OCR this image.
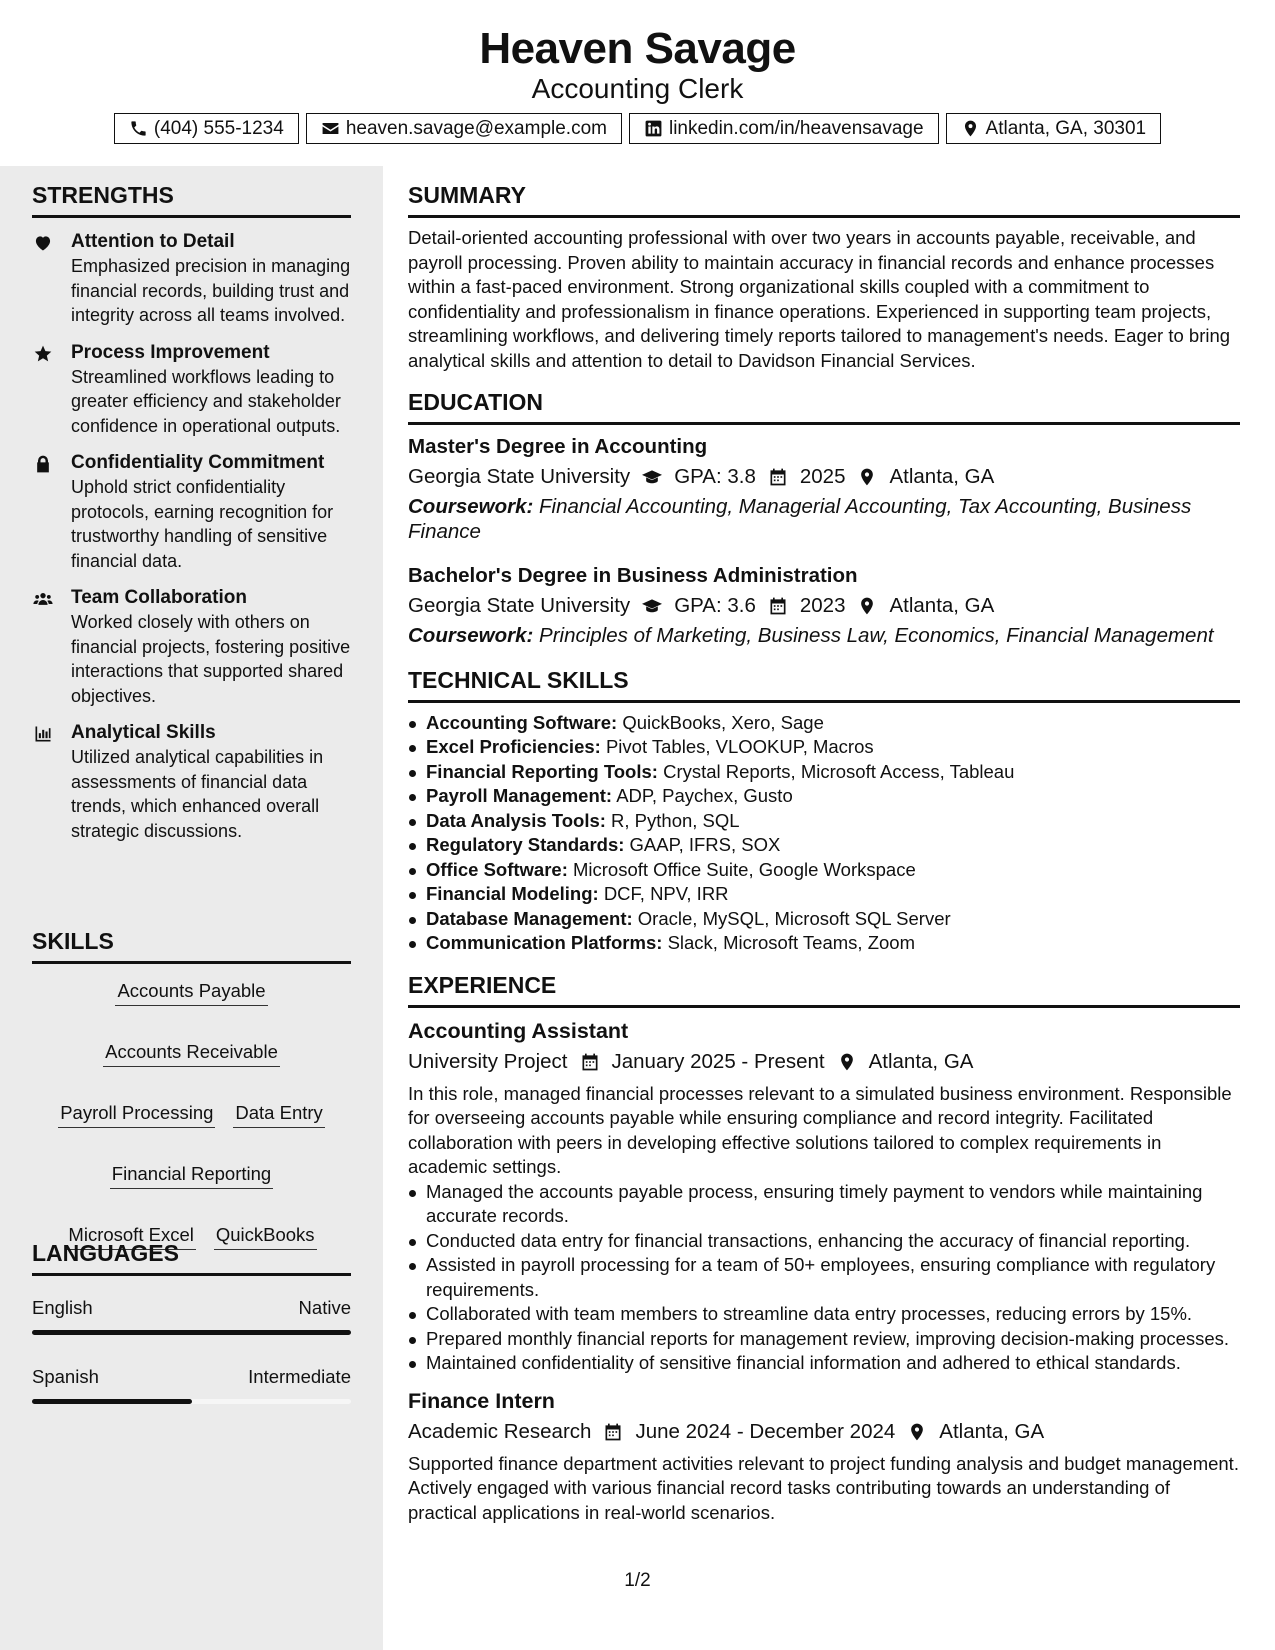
Heaven Savage
Accounting Clerk
(404) 555-1234	heaven.savage@example.com	linkedin.com/in/heavensavage	Atlanta, GA, 30301
STRENGTHS
Attention to Detail
Emphasized precision in managing financial records, building trust and integrity across all teams involved.
Process Improvement
Streamlined workflows leading to greater efficiency and stakeholder confidence in operational outputs.
Confidentiality Commitment
Uphold strict confidentiality protocols, earning recognition for trustworthy handling of sensitive financial data.
Team Collaboration
Worked closely with others on financial projects, fostering positive interactions that supported shared objectives.
Analytical Skills
Utilized analytical capabilities in assessments of financial data trends, which enhanced overall strategic discussions.
SKILLS
Accounts Payable
Accounts Receivable
Payroll Processing Data Entry
Financial Reporting
Microsoft Excel QuickBooks
LANGUAGES
English	Native
Spanish	Intermediate
SUMMARY
Detail-oriented accounting professional with over two years in accounts payable, receivable, and payroll processing. Proven ability to maintain accuracy in financial records and enhance processes within a fast-paced environment. Strong organizational skills coupled with a commitment to confidentiality and professionalism in finance operations. Experienced in supporting team projects, streamlining workflows, and delivering timely reports tailored to management's needs. Eager to bring analytical skills and attention to detail to Davidson Financial Services.
EDUCATION
Master's Degree in Accounting
Georgia State University GPA: 3.8 2025 Atlanta, GA
Coursework: Financial Accounting, Managerial Accounting, Tax Accounting, Business Finance
Bachelor's Degree in Business Administration
Georgia State University GPA: 3.6 2023 Atlanta, GA
Coursework: Principles of Marketing, Business Law, Economics, Financial Management
TECHNICAL SKILLS
Accounting Software: QuickBooks, Xero, Sage
Excel Proficiencies: Pivot Tables, VLOOKUP, Macros
Financial Reporting Tools: Crystal Reports, Microsoft Access, Tableau
Payroll Management: ADP, Paychex, Gusto
Data Analysis Tools: R, Python, SQL
Regulatory Standards: GAAP, IFRS, SOX
Office Software: Microsoft Office Suite, Google Workspace
Financial Modeling: DCF, NPV, IRR
Database Management: Oracle, MySQL, Microsoft SQL Server
Communication Platforms: Slack, Microsoft Teams, Zoom
EXPERIENCE
Accounting Assistant
University Project January 2025 - Present Atlanta, GA
In this role, managed financial processes relevant to a simulated business environment. Responsible for overseeing accounts payable while ensuring compliance and record integrity. Facilitated collaboration with peers in developing effective solutions tailored to complex requirements in academic settings.
Managed the accounts payable process, ensuring timely payment to vendors while maintaining accurate records.
Conducted data entry for financial transactions, enhancing the accuracy of financial reporting.
Assisted in payroll processing for a team of 50+ employees, ensuring compliance with regulatory requirements.
Collaborated with team members to streamline data entry processes, reducing errors by 15%.
Prepared monthly financial reports for management review, improving decision-making processes.
Maintained confidentiality of sensitive financial information and adhered to ethical standards.
Finance Intern
Academic Research June 2024 - December 2024 Atlanta, GA
Supported finance department activities relevant to project funding analysis and budget management. Actively engaged with various financial record tasks contributing towards an understanding of practical applications in real-world scenarios.
1/2
